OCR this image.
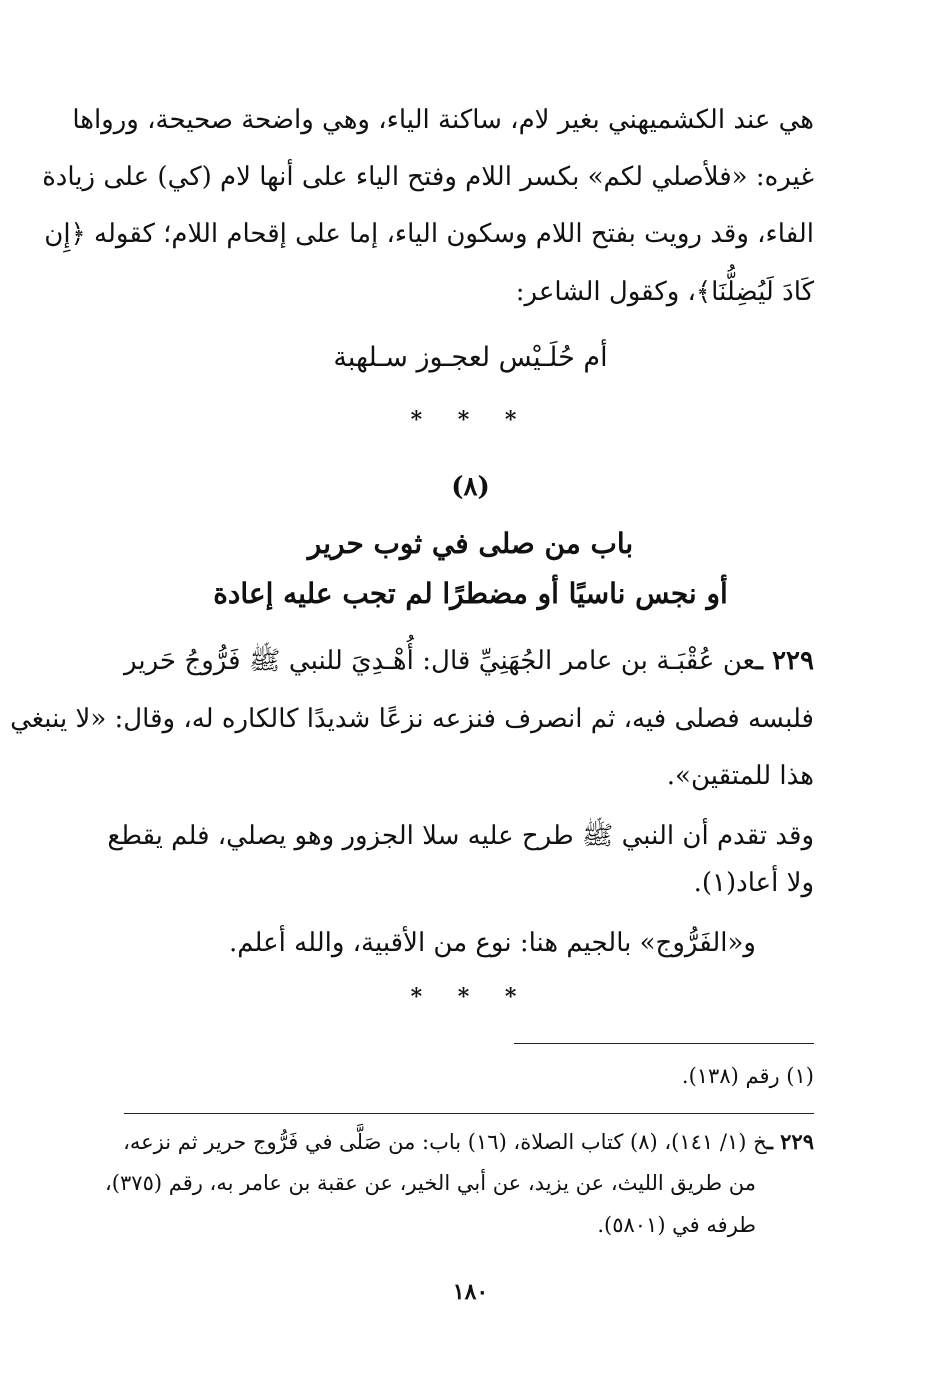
هي عند الكشميهني بغير لام، ساكنة الياء، وهي واضحة صحيحة، ورواها
غيره: «فلأصلي لكم» بكسر اللام وفتح الياء على أنها لام (كي) على زيادة
الفاء، وقد رويت بفتح اللام وسكون الياء، إما على إقحام اللام؛ كقوله ﴿إِن
كَادَ لَيُضِلُّنَا﴾، وكقول الشاعر:
أم حُلَـيْس لعجـوز سـلهبة
* * *
(٨)
باب من صلى في ثوب حرير
أو نجس ناسيًا أو مضطرًا لم تجب عليه إعادة
٢٢٩ ـعن عُقْبَـة بن عامر الجُهَنِيِّ قال: أُهْـدِيَ للنبي ﷺ فَرُّوجُ حَرير
فلبسه فصلى فيه، ثم انصرف فنزعه نزعًا شديدًا كالكاره له، وقال: «لا ينبغي
هذا للمتقين».
وقد تقدم أن النبي ﷺ طرح عليه سلا الجزور وهو يصلي، فلم يقطع
ولا أعاد(١).
و«الفَرُّوج» بالجيم هنا: نوع من الأقبية، والله أعلم.
* * *
(١) رقم (١٣٨).
٢٢٩ ـخ (١/ ١٤١)، (٨) كتاب الصلاة، (١٦) باب: من صَلَّى في فَرُّوج حرير ثم نزعه،
من طريق الليث، عن يزيد، عن أبي الخير، عن عقبة بن عامر به، رقم (٣٧٥)،
طرفه في (٥٨٠١).
١٨٠
